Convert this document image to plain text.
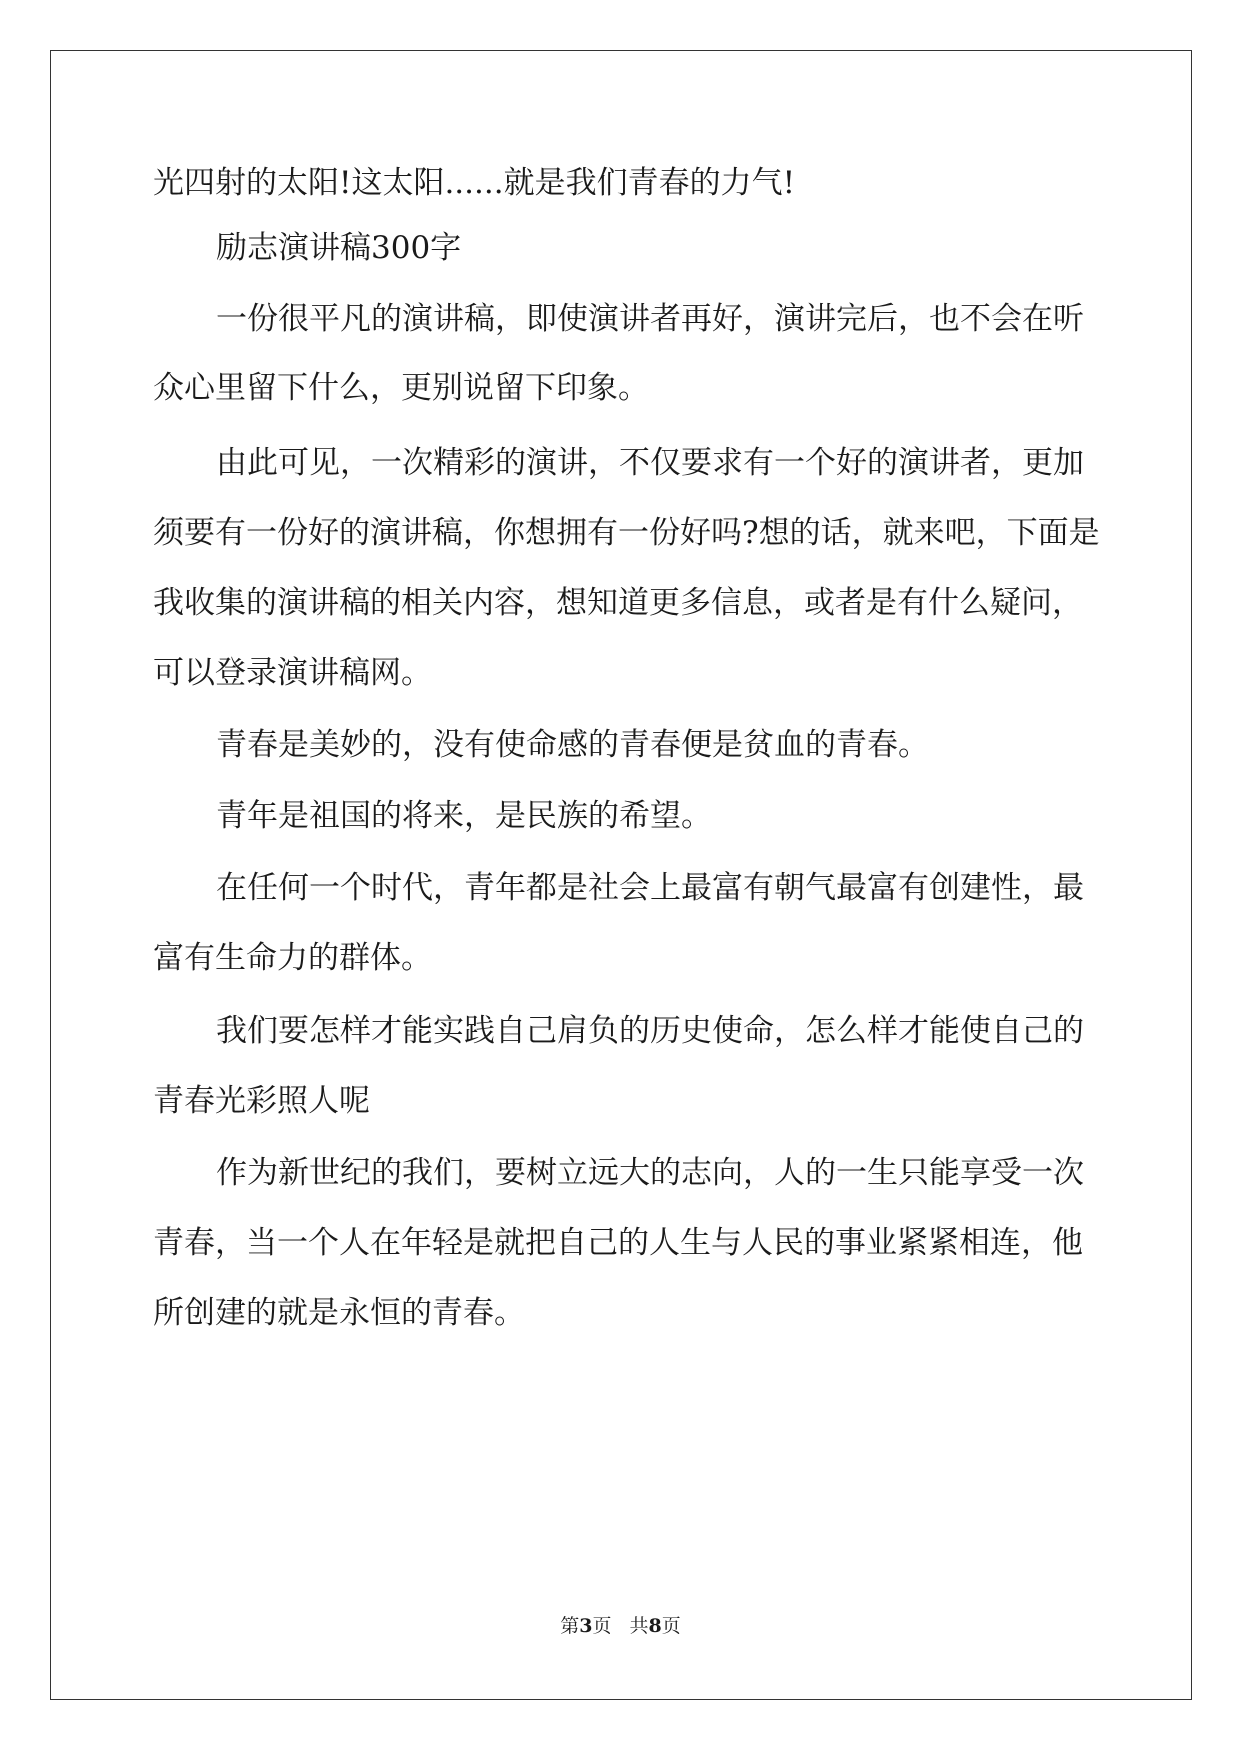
光四射的太阳!这太阳......就是我们青春的力气!
励志演讲稿300字
一份很平凡的演讲稿，即使演讲者再好，演讲完后，也不会在听
众心里留下什么，更别说留下印象。
由此可见，一次精彩的演讲，不仅要求有一个好的演讲者，更加
须要有一份好的演讲稿，你想拥有一份好吗?想的话，就来吧，下面是
我收集的演讲稿的相关内容，想知道更多信息，或者是有什么疑问，
可以登录演讲稿网。
青春是美妙的，没有使命感的青春便是贫血的青春。
青年是祖国的将来，是民族的希望。
在任何一个时代，青年都是社会上最富有朝气最富有创建性，最
富有生命力的群体。
我们要怎样才能实践自己肩负的历史使命，怎么样才能使自己的
青春光彩照人呢
作为新世纪的我们，要树立远大的志向，人的一生只能享受一次
青春，当一个人在年轻是就把自己的人生与人民的事业紧紧相连，他
所创建的就是永恒的青春。
第3页 共8页
